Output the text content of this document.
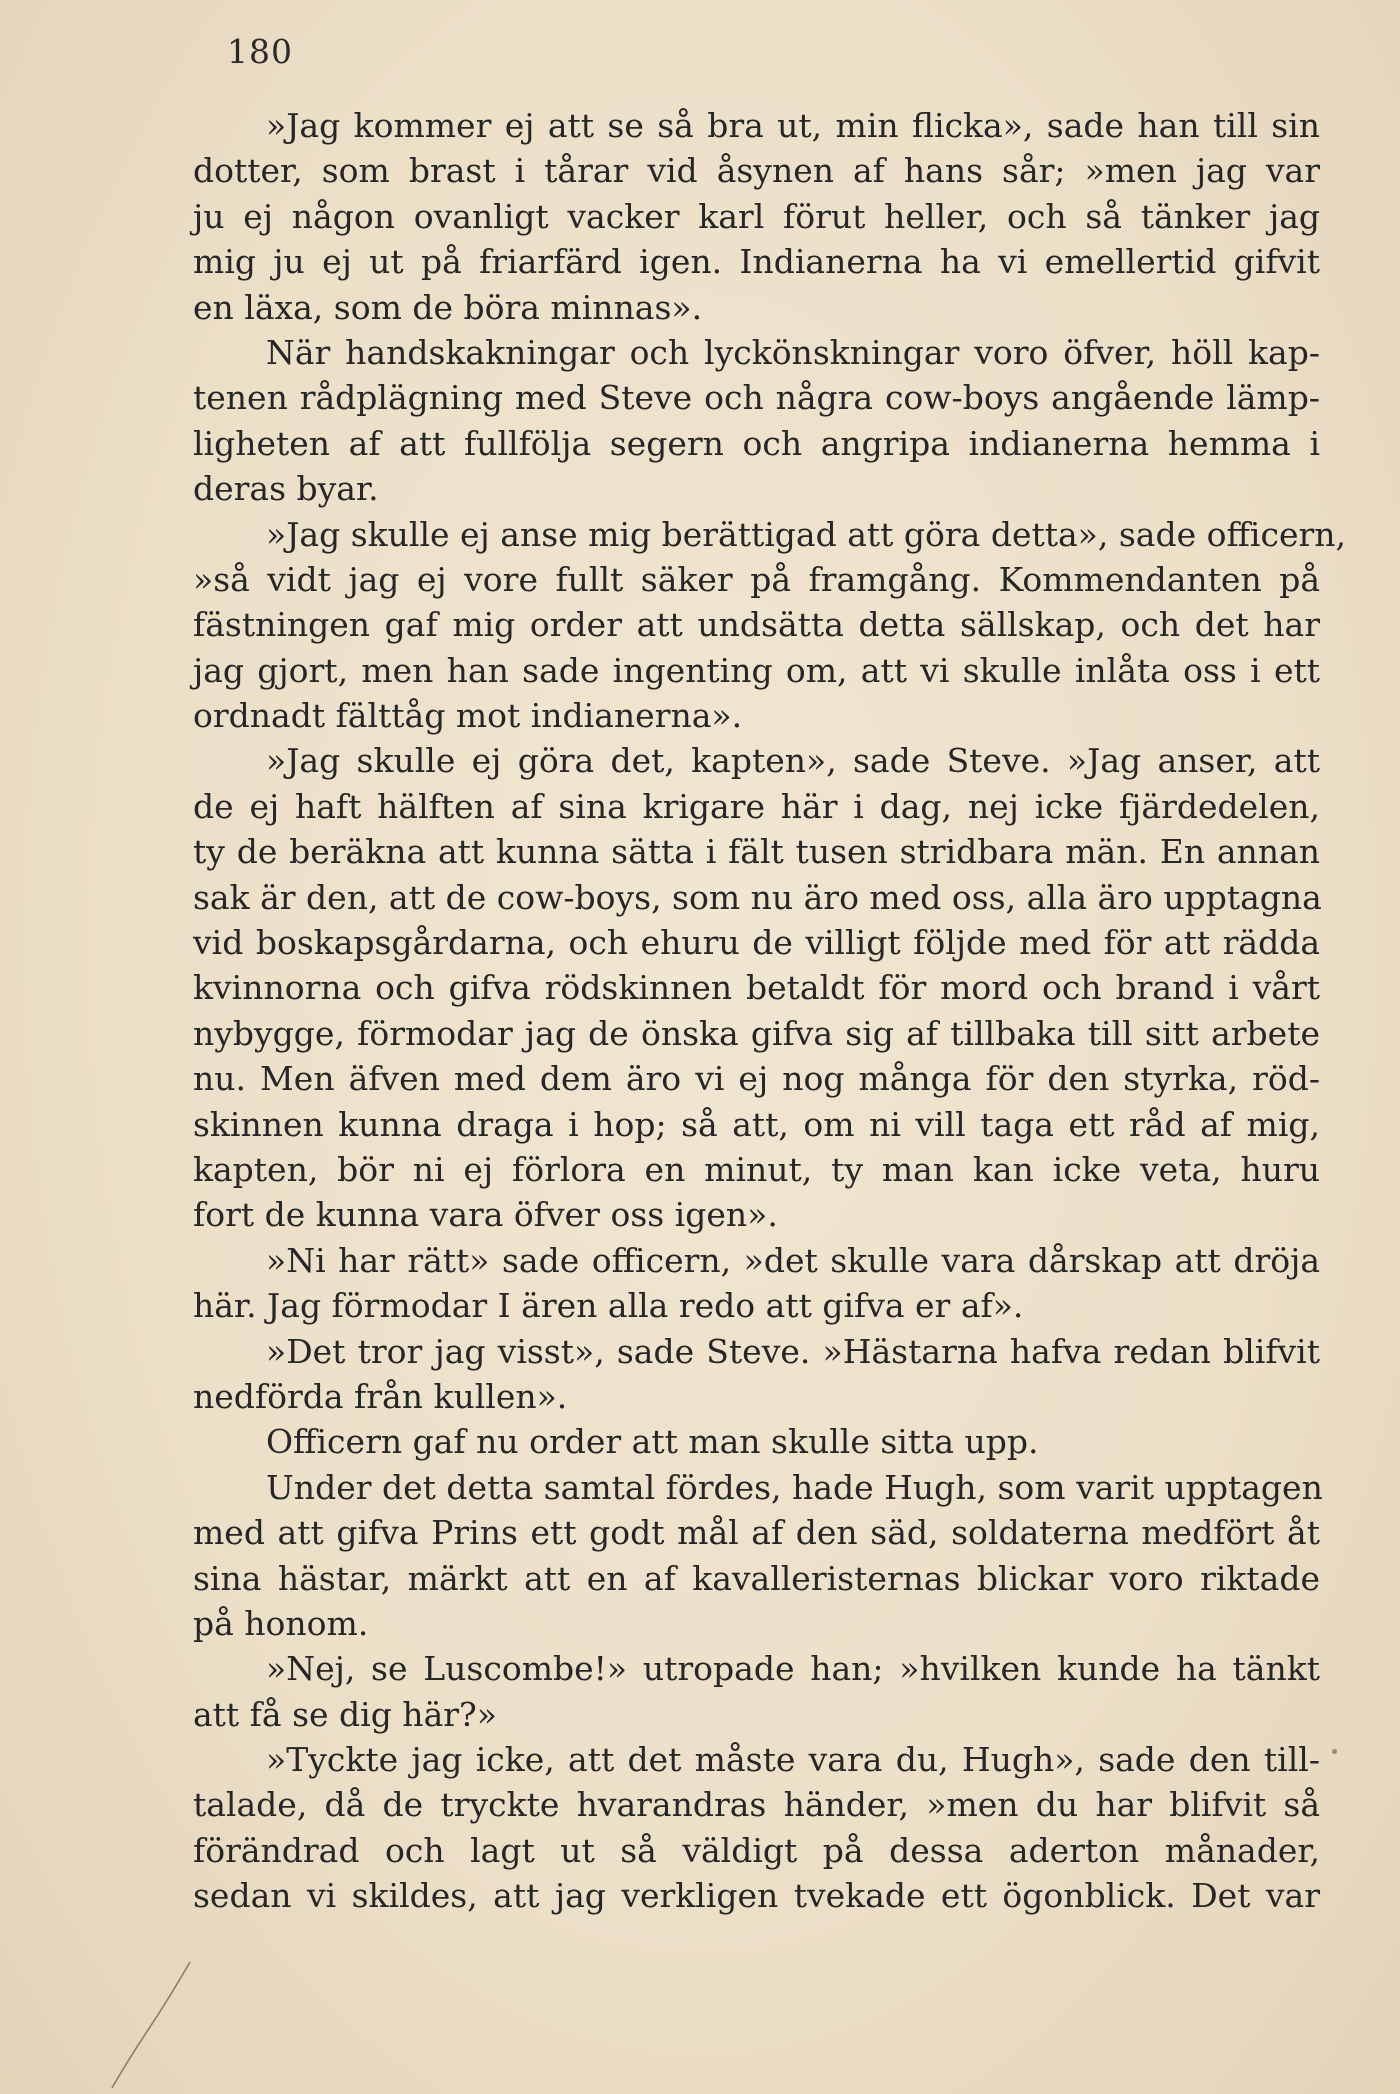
180
»Jag kommer ej att se så bra ut, min flicka», sade han till sin
dotter, som brast i tårar vid åsynen af hans sår; »men jag var
ju ej någon ovanligt vacker karl förut heller, och så tänker jag
mig ju ej ut på friarfärd igen. Indianerna ha vi emellertid gifvit
en läxa, som de böra minnas».
När handskakningar och lyckönskningar voro öfver, höll kap-
tenen rådplägning med Steve och några cow-boys angående lämp-
ligheten af att fullfölja segern och angripa indianerna hemma i
deras byar.
»Jag skulle ej anse mig berättigad att göra detta», sade officern,
»så vidt jag ej vore fullt säker på framgång. Kommendanten på
fästningen gaf mig order att undsätta detta sällskap, och det har
jag gjort, men han sade ingenting om, att vi skulle inlåta oss i ett
ordnadt fälttåg mot indianerna».
»Jag skulle ej göra det, kapten», sade Steve. »Jag anser, att
de ej haft hälften af sina krigare här i dag, nej icke fjärdedelen,
ty de beräkna att kunna sätta i fält tusen stridbara män. En annan
sak är den, att de cow-boys, som nu äro med oss, alla äro upptagna
vid boskapsgårdarna, och ehuru de villigt följde med för att rädda
kvinnorna och gifva rödskinnen betaldt för mord och brand i vårt
nybygge, förmodar jag de önska gifva sig af tillbaka till sitt arbete
nu. Men äfven med dem äro vi ej nog många för den styrka, röd-
skinnen kunna draga i hop; så att, om ni vill taga ett råd af mig,
kapten, bör ni ej förlora en minut, ty man kan icke veta, huru
fort de kunna vara öfver oss igen».
»Ni har rätt» sade officern, »det skulle vara dårskap att dröja
här. Jag förmodar I ären alla redo att gifva er af».
»Det tror jag visst», sade Steve. »Hästarna hafva redan blifvit
nedförda från kullen».
Officern gaf nu order att man skulle sitta upp.
Under det detta samtal fördes, hade Hugh, som varit upptagen
med att gifva Prins ett godt mål af den säd, soldaterna medfört åt
sina hästar, märkt att en af kavalleristernas blickar voro riktade
på honom.
»Nej, se Luscombe!» utropade han; »hvilken kunde ha tänkt
att få se dig här?»
»Tyckte jag icke, att det måste vara du, Hugh», sade den till-
talade, då de tryckte hvarandras händer, »men du har blifvit så
förändrad och lagt ut så väldigt på dessa aderton månader,
sedan vi skildes, att jag verkligen tvekade ett ögonblick. Det var
